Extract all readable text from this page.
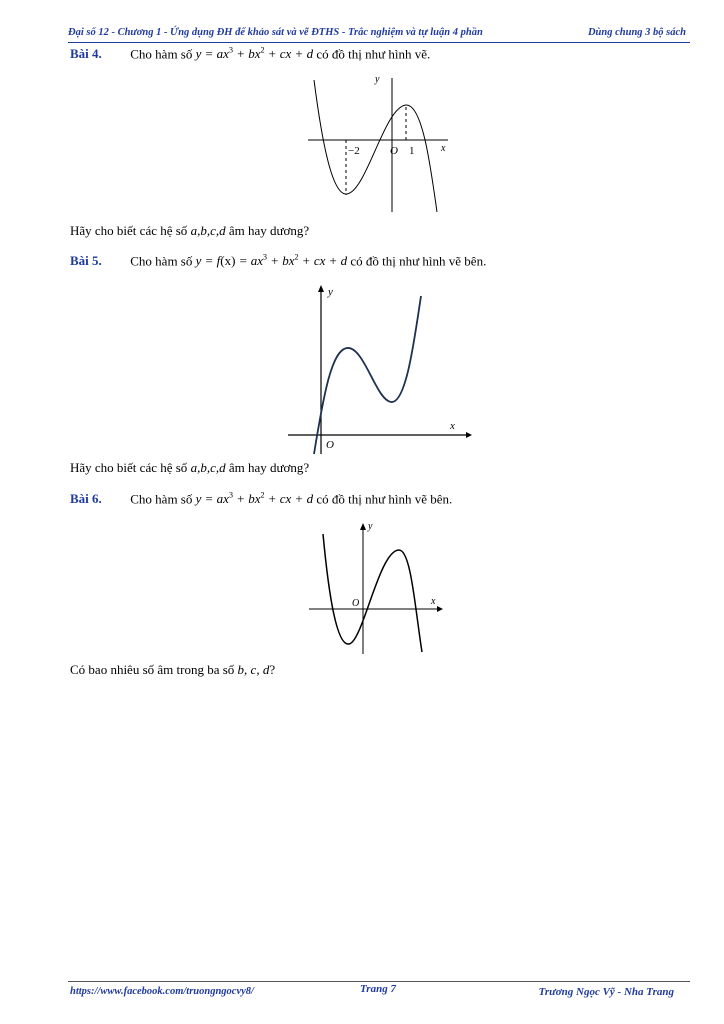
Đại số 12 - Chương 1 - Ứng dụng ĐH để khảo sát và vẽ ĐTHS - Trắc nghiệm và tự luận 4 phần	Dùng chung 3 bộ sách
Bài 4. Cho hàm số $y = ax^3 + bx^2$ + cx + d có đồ thị như hình vẽ.
y
x
−2	O 1
Hãy cho biết các hệ số a,b,c,d âm hay dương?
Bài 5. Cho hàm số $y = f(x) = ax^3 + bx^2$ + cx + d có đồ thị như hình vẽ bên.
y
x
O
Hãy cho biết các hệ số a,b,c,d âm hay dương?
Bài 6. Cho hàm số $y = ax^3 + bx^2$ + cx + d có đồ thị như hình vẽ bên.
y
x
O
Có bao nhiêu số âm trong ba số b, c, d?
https://www.facebook.com/truongngocvy8/	Trang 7	Trương Ngọc Vỹ - Nha Trang
